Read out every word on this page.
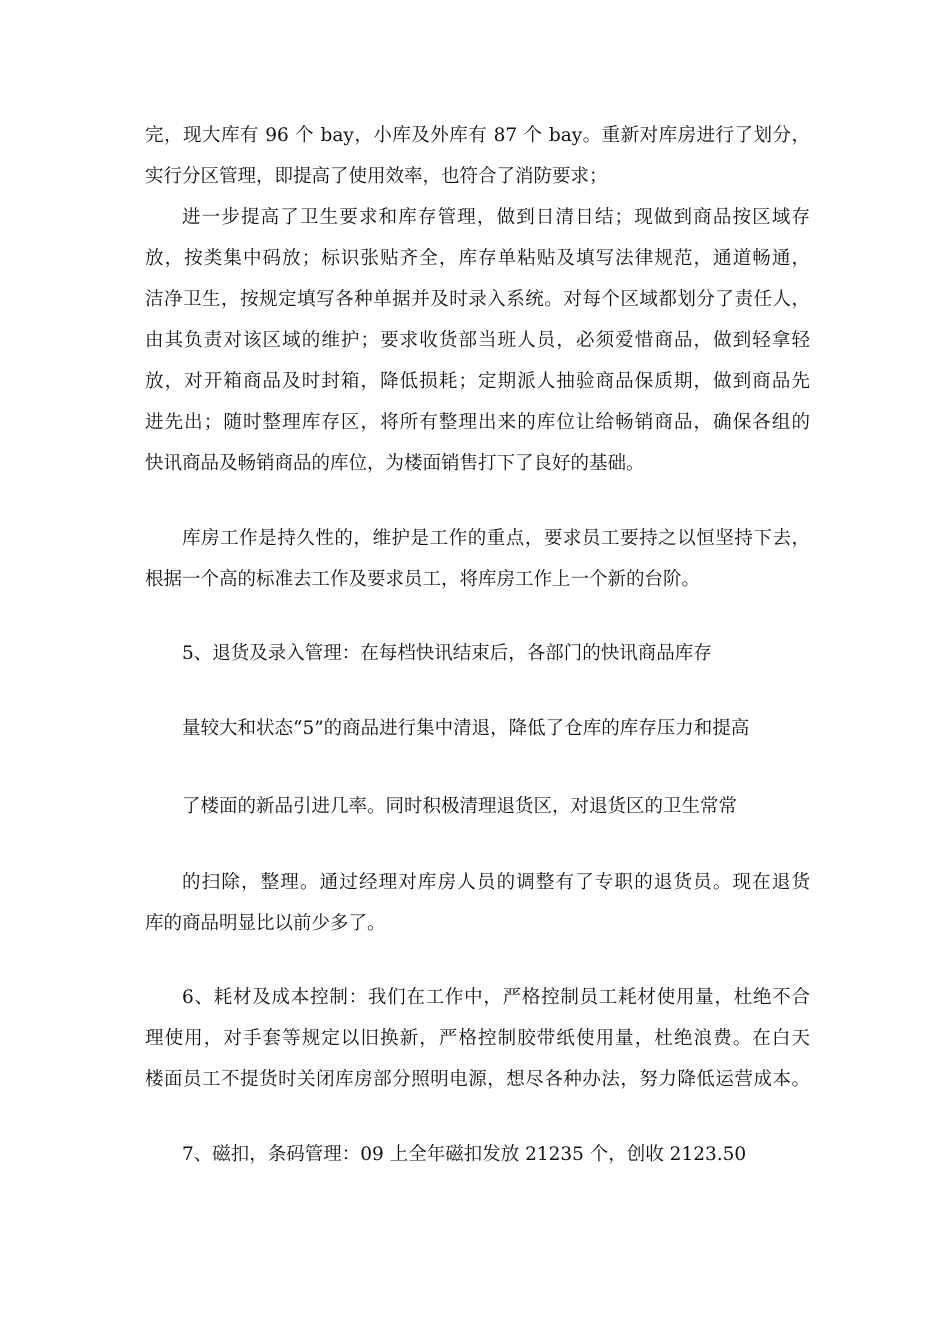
完，现大库有 96 个 bay，小库及外库有 87 个 bay。重新对库房进行了划分，
实行分区管理，即提高了使用效率，也符合了消防要求；
进一步提高了卫生要求和库存管理，做到日清日结；现做到商品按区域存
放，按类集中码放；标识张贴齐全，库存单粘贴及填写法律规范，通道畅通，
洁净卫生，按规定填写各种单据并及时录入系统。对每个区域都划分了责任人，
由其负责对该区域的维护；要求收货部当班人员，必须爱惜商品，做到轻拿轻
放，对开箱商品及时封箱，降低损耗；定期派人抽验商品保质期，做到商品先
进先出；随时整理库存区，将所有整理出来的库位让给畅销商品，确保各组的
快讯商品及畅销商品的库位，为楼面销售打下了良好的基础。
库房工作是持久性的，维护是工作的重点，要求员工要持之以恒坚持下去，
根据一个高的标准去工作及要求员工，将库房工作上一个新的台阶。
5、退货及录入管理：在每档快讯结束后，各部门的快讯商品库存
量较大和状态“5”的商品进行集中清退，降低了仓库的库存压力和提高
了楼面的新品引进几率。同时积极清理退货区，对退货区的卫生常常
的扫除，整理。通过经理对库房人员的调整有了专职的退货员。现在退货
库的商品明显比以前少多了。
6、耗材及成本控制：我们在工作中，严格控制员工耗材使用量，杜绝不合
理使用，对手套等规定以旧换新，严格控制胶带纸使用量，杜绝浪费。在白天
楼面员工不提货时关闭库房部分照明电源，想尽各种办法，努力降低运营成本。
7、磁扣，条码管理：09 上全年磁扣发放 21235 个，创收 2123.50
